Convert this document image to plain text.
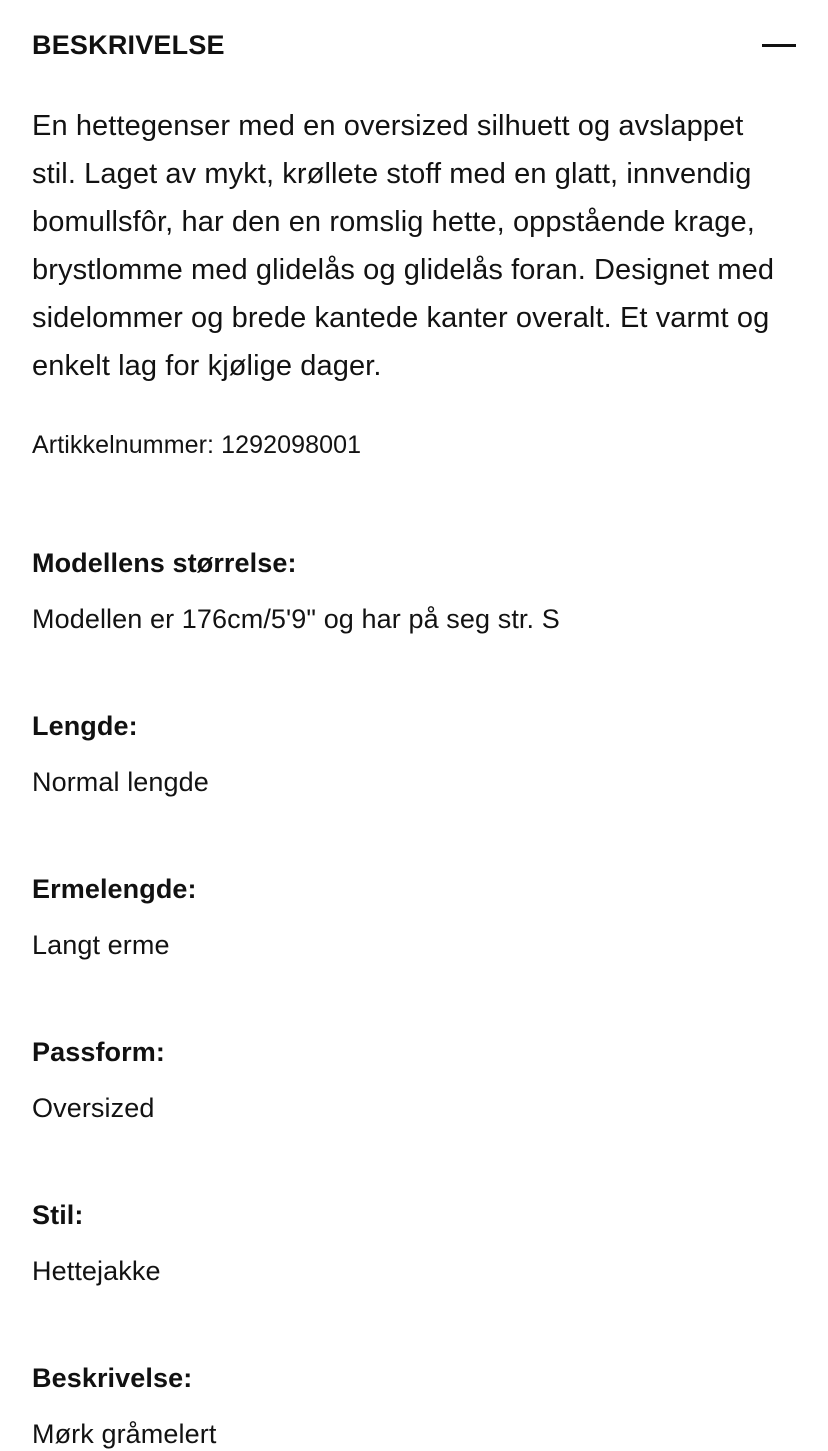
BESKRIVELSE

En hettegenser med en oversized silhuett og avslappet stil. Laget av mykt, krøllete stoff med en glatt, innvendig bomullsfôr, har den en romslig hette, oppstående krage, brystlomme med glidelås og glidelås foran. Designet med sidelommer og brede kantede kanter overalt. Et varmt og enkelt lag for kjølige dager.

Artikkelnummer: 1292098001

Modellens størrelse:

Modellen er 176cm/5'9" og har på seg str. S

Lengde:

Normal lengde

Ermelengde:

Langt erme

Passform:

Oversized

Stil:

Hettejakke

Beskrivelse:

Mørk gråmelert
